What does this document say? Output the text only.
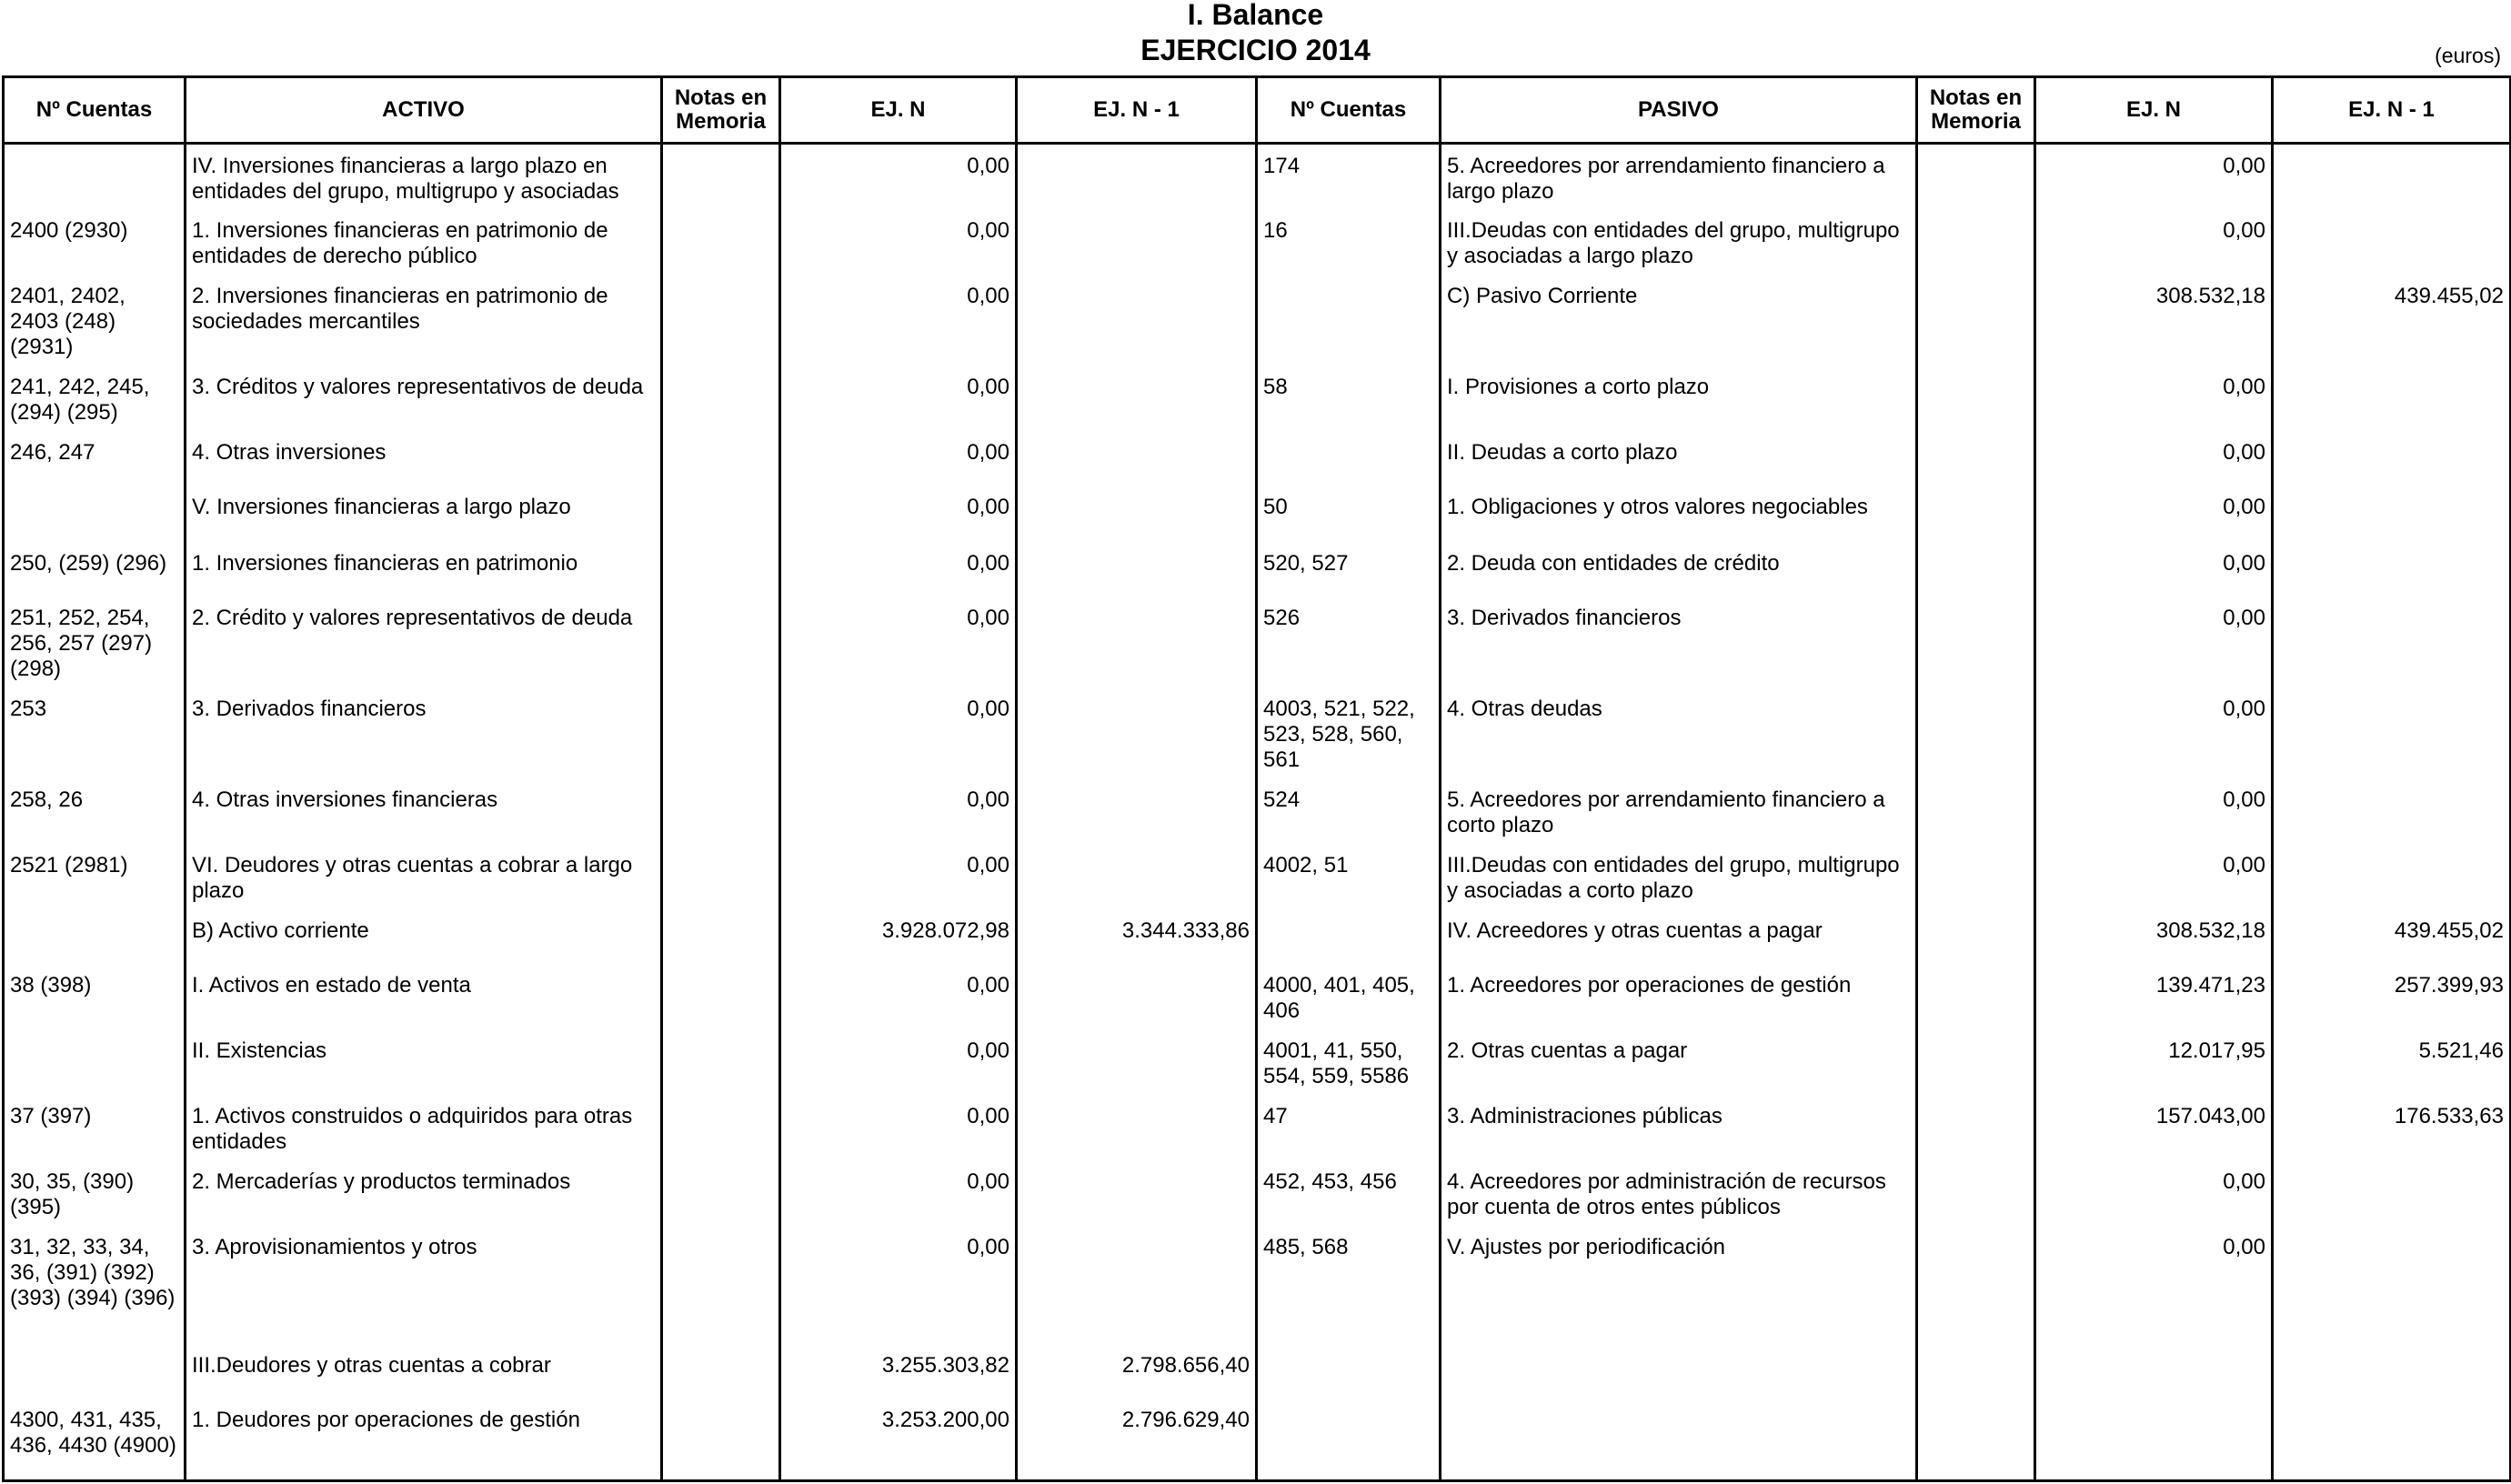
I. Balance
EJERCICIO 2014	(euros)
Nº Cuentas	ACTIVO	Notas en Memoria	EJ. N	EJ. N - 1	Nº Cuentas	PASIVO	Notas en Memoria	EJ. N	EJ. N - 1
	IV. Inversiones financieras a largo plazo en entidades del grupo, multigrupo y asociadas		0,00		174	5. Acreedores por arrendamiento financiero a largo plazo		0,00	
2400 (2930)	1. Inversiones financieras en patrimonio de entidades de derecho público		0,00		16	III.Deudas con entidades del grupo, multigrupo y asociadas a largo plazo		0,00	
2401, 2402, 2403 (248) (2931)	2. Inversiones financieras en patrimonio de sociedades mercantiles		0,00			C) Pasivo Corriente		308.532,18	439.455,02
241, 242, 245, (294) (295)	3. Créditos y valores representativos de deuda		0,00		58	I. Provisiones a corto plazo		0,00	
246, 247	4. Otras inversiones		0,00			II. Deudas a corto plazo		0,00	
	V. Inversiones financieras a largo plazo		0,00		50	1. Obligaciones y otros valores negociables		0,00	
250, (259) (296)	1. Inversiones financieras en patrimonio		0,00		520, 527	2. Deuda con entidades de crédito		0,00	
251, 252, 254, 256, 257 (297) (298)	2. Crédito y valores representativos de deuda		0,00		526	3. Derivados financieros		0,00	
253	3. Derivados financieros		0,00		4003, 521, 522, 523, 528, 560, 561	4. Otras deudas		0,00	
258, 26	4. Otras inversiones financieras		0,00		524	5. Acreedores por arrendamiento financiero a corto plazo		0,00	
2521 (2981)	VI. Deudores y otras cuentas a cobrar a largo plazo		0,00		4002, 51	III.Deudas con entidades del grupo, multigrupo y asociadas a corto plazo		0,00	
	B) Activo corriente		3.928.072,98	3.344.333,86		IV. Acreedores y otras cuentas a pagar		308.532,18	439.455,02
38 (398)	I. Activos en estado de venta		0,00		4000, 401, 405, 406	1. Acreedores por operaciones de gestión		139.471,23	257.399,93
	II. Existencias		0,00		4001, 41, 550, 554, 559, 5586	2. Otras cuentas a pagar		12.017,95	5.521,46
37 (397)	1. Activos construidos o adquiridos para otras entidades		0,00		47	3. Administraciones públicas		157.043,00	176.533,63
30, 35, (390) (395)	2. Mercaderías y productos terminados		0,00		452, 453, 456	4. Acreedores por administración de recursos por cuenta de otros entes públicos		0,00	
31, 32, 33, 34, 36, (391) (392) (393) (394) (396)	3. Aprovisionamientos y otros		0,00		485, 568	V. Ajustes por periodificación		0,00	
	III.Deudores y otras cuentas a cobrar		3.255.303,82	2.798.656,40					
4300, 431, 435, 436, 4430 (4900)	1. Deudores por operaciones de gestión		3.253.200,00	2.796.629,40					
